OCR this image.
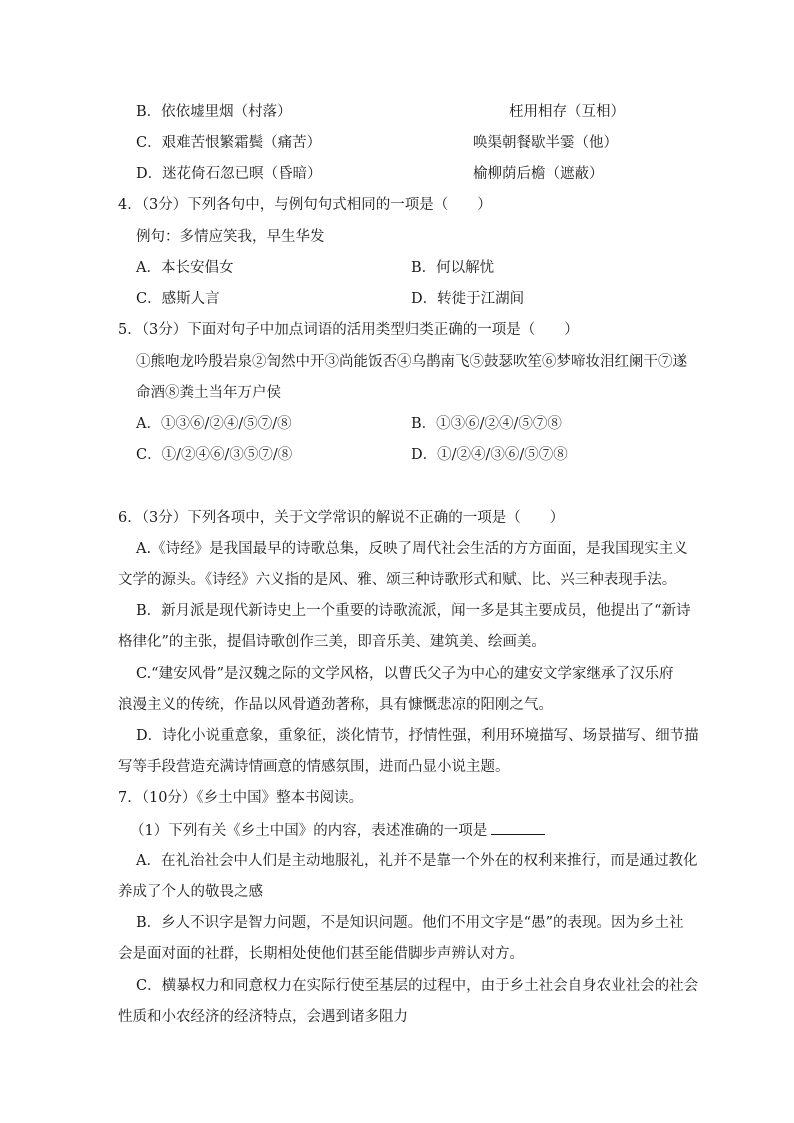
B．依依墟里烟（村落）	枉用相存（互相）
C．艰难苦恨繁霜鬓（痛苦）	唤渠朝餐歇半霎（他）
D．迷花倚石忽已暝（昏暗）	榆柳荫后檐（遮蔽）
4．（3分）下列各句中，与例句句式相同的一项是（　　）
例句：多情应笑我，早生华发
A．本长安倡女	B．何以解忧
C．感斯人言	D．转徙于江湖间
5．（3分）下面对句子中加点词语的活用类型归类正确的一项是（　　）
①熊咆龙吟殷岩泉②訇然中开③尚能饭否④乌鹊南飞⑤鼓瑟吹笙⑥梦啼妆泪红阑干⑦遂
命酒⑧粪土当年万户侯
A．①③⑥/②④/⑤⑦/⑧	B．①③⑥/②④/⑤⑦⑧
C．①/②④⑥/③⑤⑦/⑧	D．①/②④/③⑥/⑤⑦⑧
6．（3分）下列各项中，关于文学常识的解说不正确的一项是（　　）
A.《诗经》是我国最早的诗歌总集，反映了周代社会生活的方方面面，是我国现实主义
文学的源头。《诗经》六义指的是风、雅、颂三种诗歌形式和赋、比、兴三种表现手法。
B．新月派是现代新诗史上一个重要的诗歌流派，闻一多是其主要成员，他提出了“新诗
格律化”的主张，提倡诗歌创作三美，即音乐美、建筑美、绘画美。
C.“建安风骨”是汉魏之际的文学风格，以曹氏父子为中心的建安文学家继承了汉乐府
浪漫主义的传统，作品以风骨遒劲著称，具有慷慨悲凉的阳刚之气。
D．诗化小说重意象，重象征，淡化情节，抒情性强，利用环境描写、场景描写、细节描
写等手段营造充满诗情画意的情感氛围，进而凸显小说主题。
7．（10分）《乡土中国》整本书阅读。
（1）下列有关《乡土中国》的内容，表述准确的一项是
A．在礼治社会中人们是主动地服礼，礼并不是靠一个外在的权利来推行，而是通过教化
养成了个人的敬畏之感
B．乡人不识字是智力问题，不是知识问题。他们不用文字是“愚”的表现。因为乡土社
会是面对面的社群，长期相处使他们甚至能借脚步声辨认对方。
C．横暴权力和同意权力在实际行使至基层的过程中，由于乡土社会自身农业社会的社会
性质和小农经济的经济特点，会遇到诸多阻力
